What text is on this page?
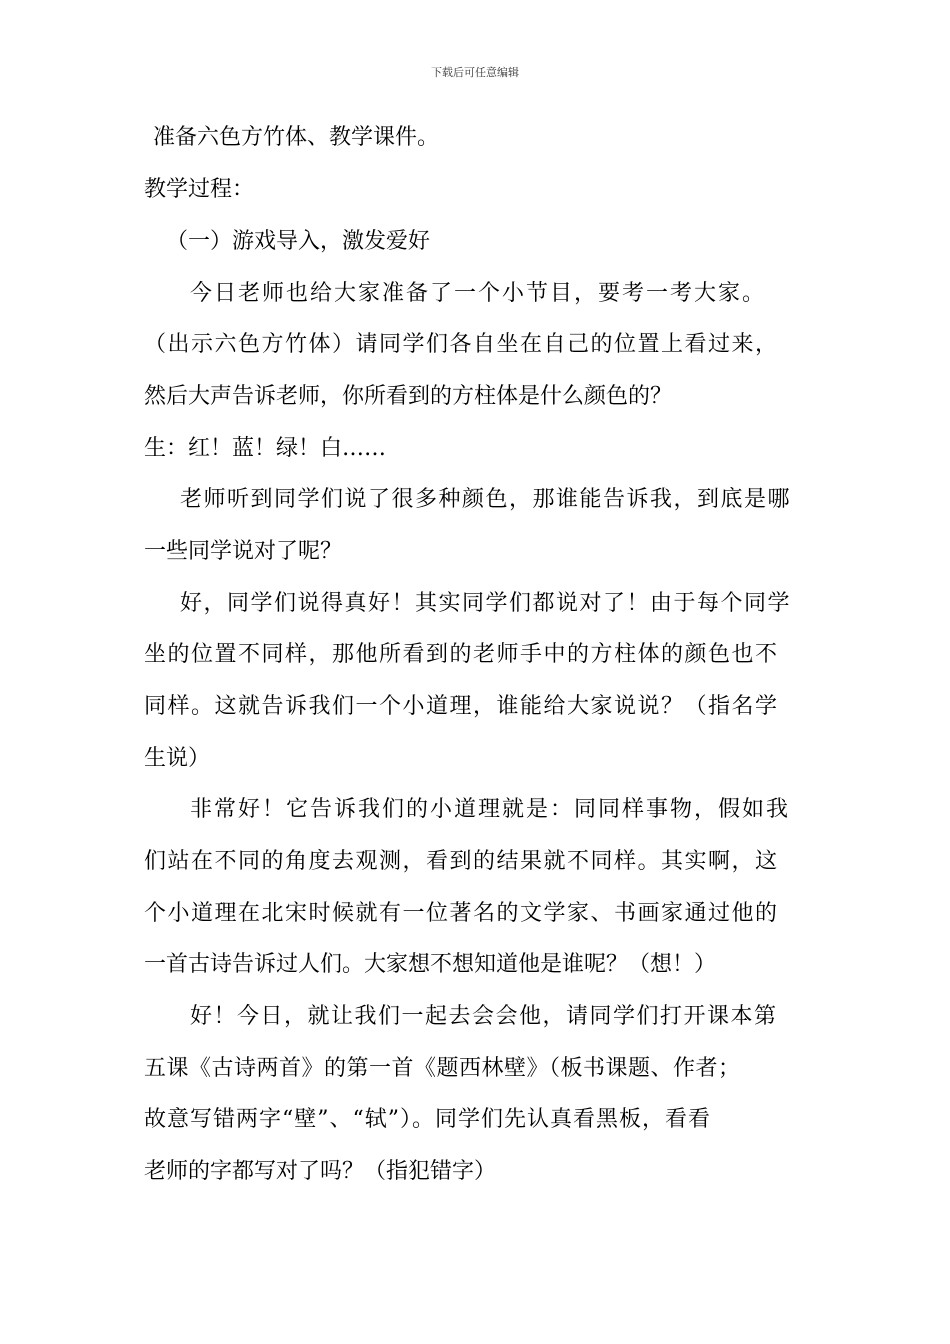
下载后可任意编辑
准备六色方竹体、教学课件。
教学过程：
（一）游戏导入，激发爱好
今日老师也给大家准备了一个小节目，要考一考大家。
（出示六色方竹体）请同学们各自坐在自己的位置上看过来，
然后大声告诉老师，你所看到的方柱体是什么颜色的？
生：红！蓝！绿！白……
老师听到同学们说了很多种颜色，那谁能告诉我，到底是哪
一些同学说对了呢？
好，同学们说得真好！其实同学们都说对了！由于每个同学
坐的位置不同样，那他所看到的老师手中的方柱体的颜色也不
同样。这就告诉我们一个小道理，谁能给大家说说？（指名学
生说）
非常好！它告诉我们的小道理就是：同同样事物，假如我
们站在不同的角度去观测，看到的结果就不同样。其实啊，这
个小道理在北宋时候就有一位著名的文学家、书画家通过他的
一首古诗告诉过人们。大家想不想知道他是谁呢？（想！）
好！今日，就让我们一起去会会他，请同学们打开课本第
五课《古诗两首》的第一首《题西林壁》（板书课题、作者；
故意写错两字“壁”、“轼”）。同学们先认真看黑板，看看
老师的字都写对了吗？（指犯错字）
